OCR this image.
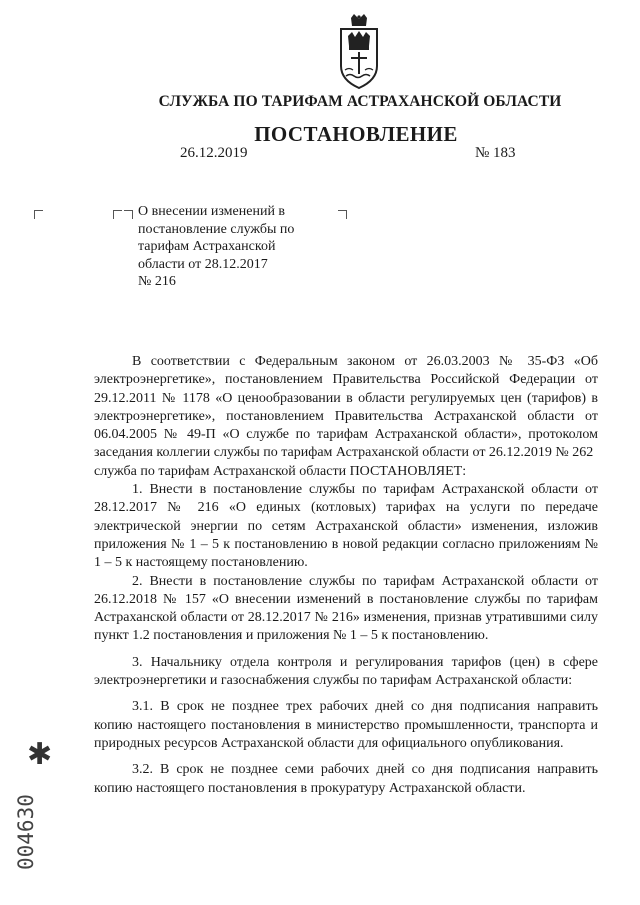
СЛУЖБА ПО ТАРИФАМ АСТРАХАНСКОЙ ОБЛАСТИ
ПОСТАНОВЛЕНИЕ
26.12.2019	№ 183
О внесении изменений в
постановление службы по
тарифам Астраханской
области от 28.12.2017
№ 216

В соответствии с Федеральным законом от 26.03.2003 № 35-ФЗ «Об электроэнергетике», постановлением Правительства Российской Федерации от 29.12.2011 № 1178 «О ценообразовании в области регулируемых цен (тарифов) в электроэнергетике», постановлением Правительства Астраханской области от 06.04.2005 № 49-П «О службе по тарифам Астраханской области», протоколом заседания коллегии службы по тарифам Астраханской области от 26.12.2019 № 262

служба по тарифам Астраханской области ПОСТАНОВЛЯЕТ:

1. Внести в постановление службы по тарифам Астраханской области от 28.12.2017 № 216 «О единых (котловых) тарифах на услуги по передаче электрической энергии по сетям Астраханской области» изменения, изложив приложения № 1 – 5 к постановлению в новой редакции согласно приложениям № 1 – 5 к настоящему постановлению.

2. Внести в постановление службы по тарифам Астраханской области от 26.12.2018 № 157 «О внесении изменений в постановление службы по тарифам Астраханской области от 28.12.2017 № 216» изменения, признав утратившими силу пункт 1.2 постановления и приложения № 1 – 5 к постановлению.

3. Начальнику отдела контроля и регулирования тарифов (цен) в сфере электроэнергетики и газоснабжения службы по тарифам Астраханской области:

3.1. В срок не позднее трех рабочих дней со дня подписания направить копию настоящего постановления в министерство промышленности, транспорта и природных ресурсов Астраханской области для официального опубликования.

3.2. В срок не позднее семи рабочих дней со дня подписания направить копию настоящего постановления в прокуратуру Астраханской области.

✱
004630
